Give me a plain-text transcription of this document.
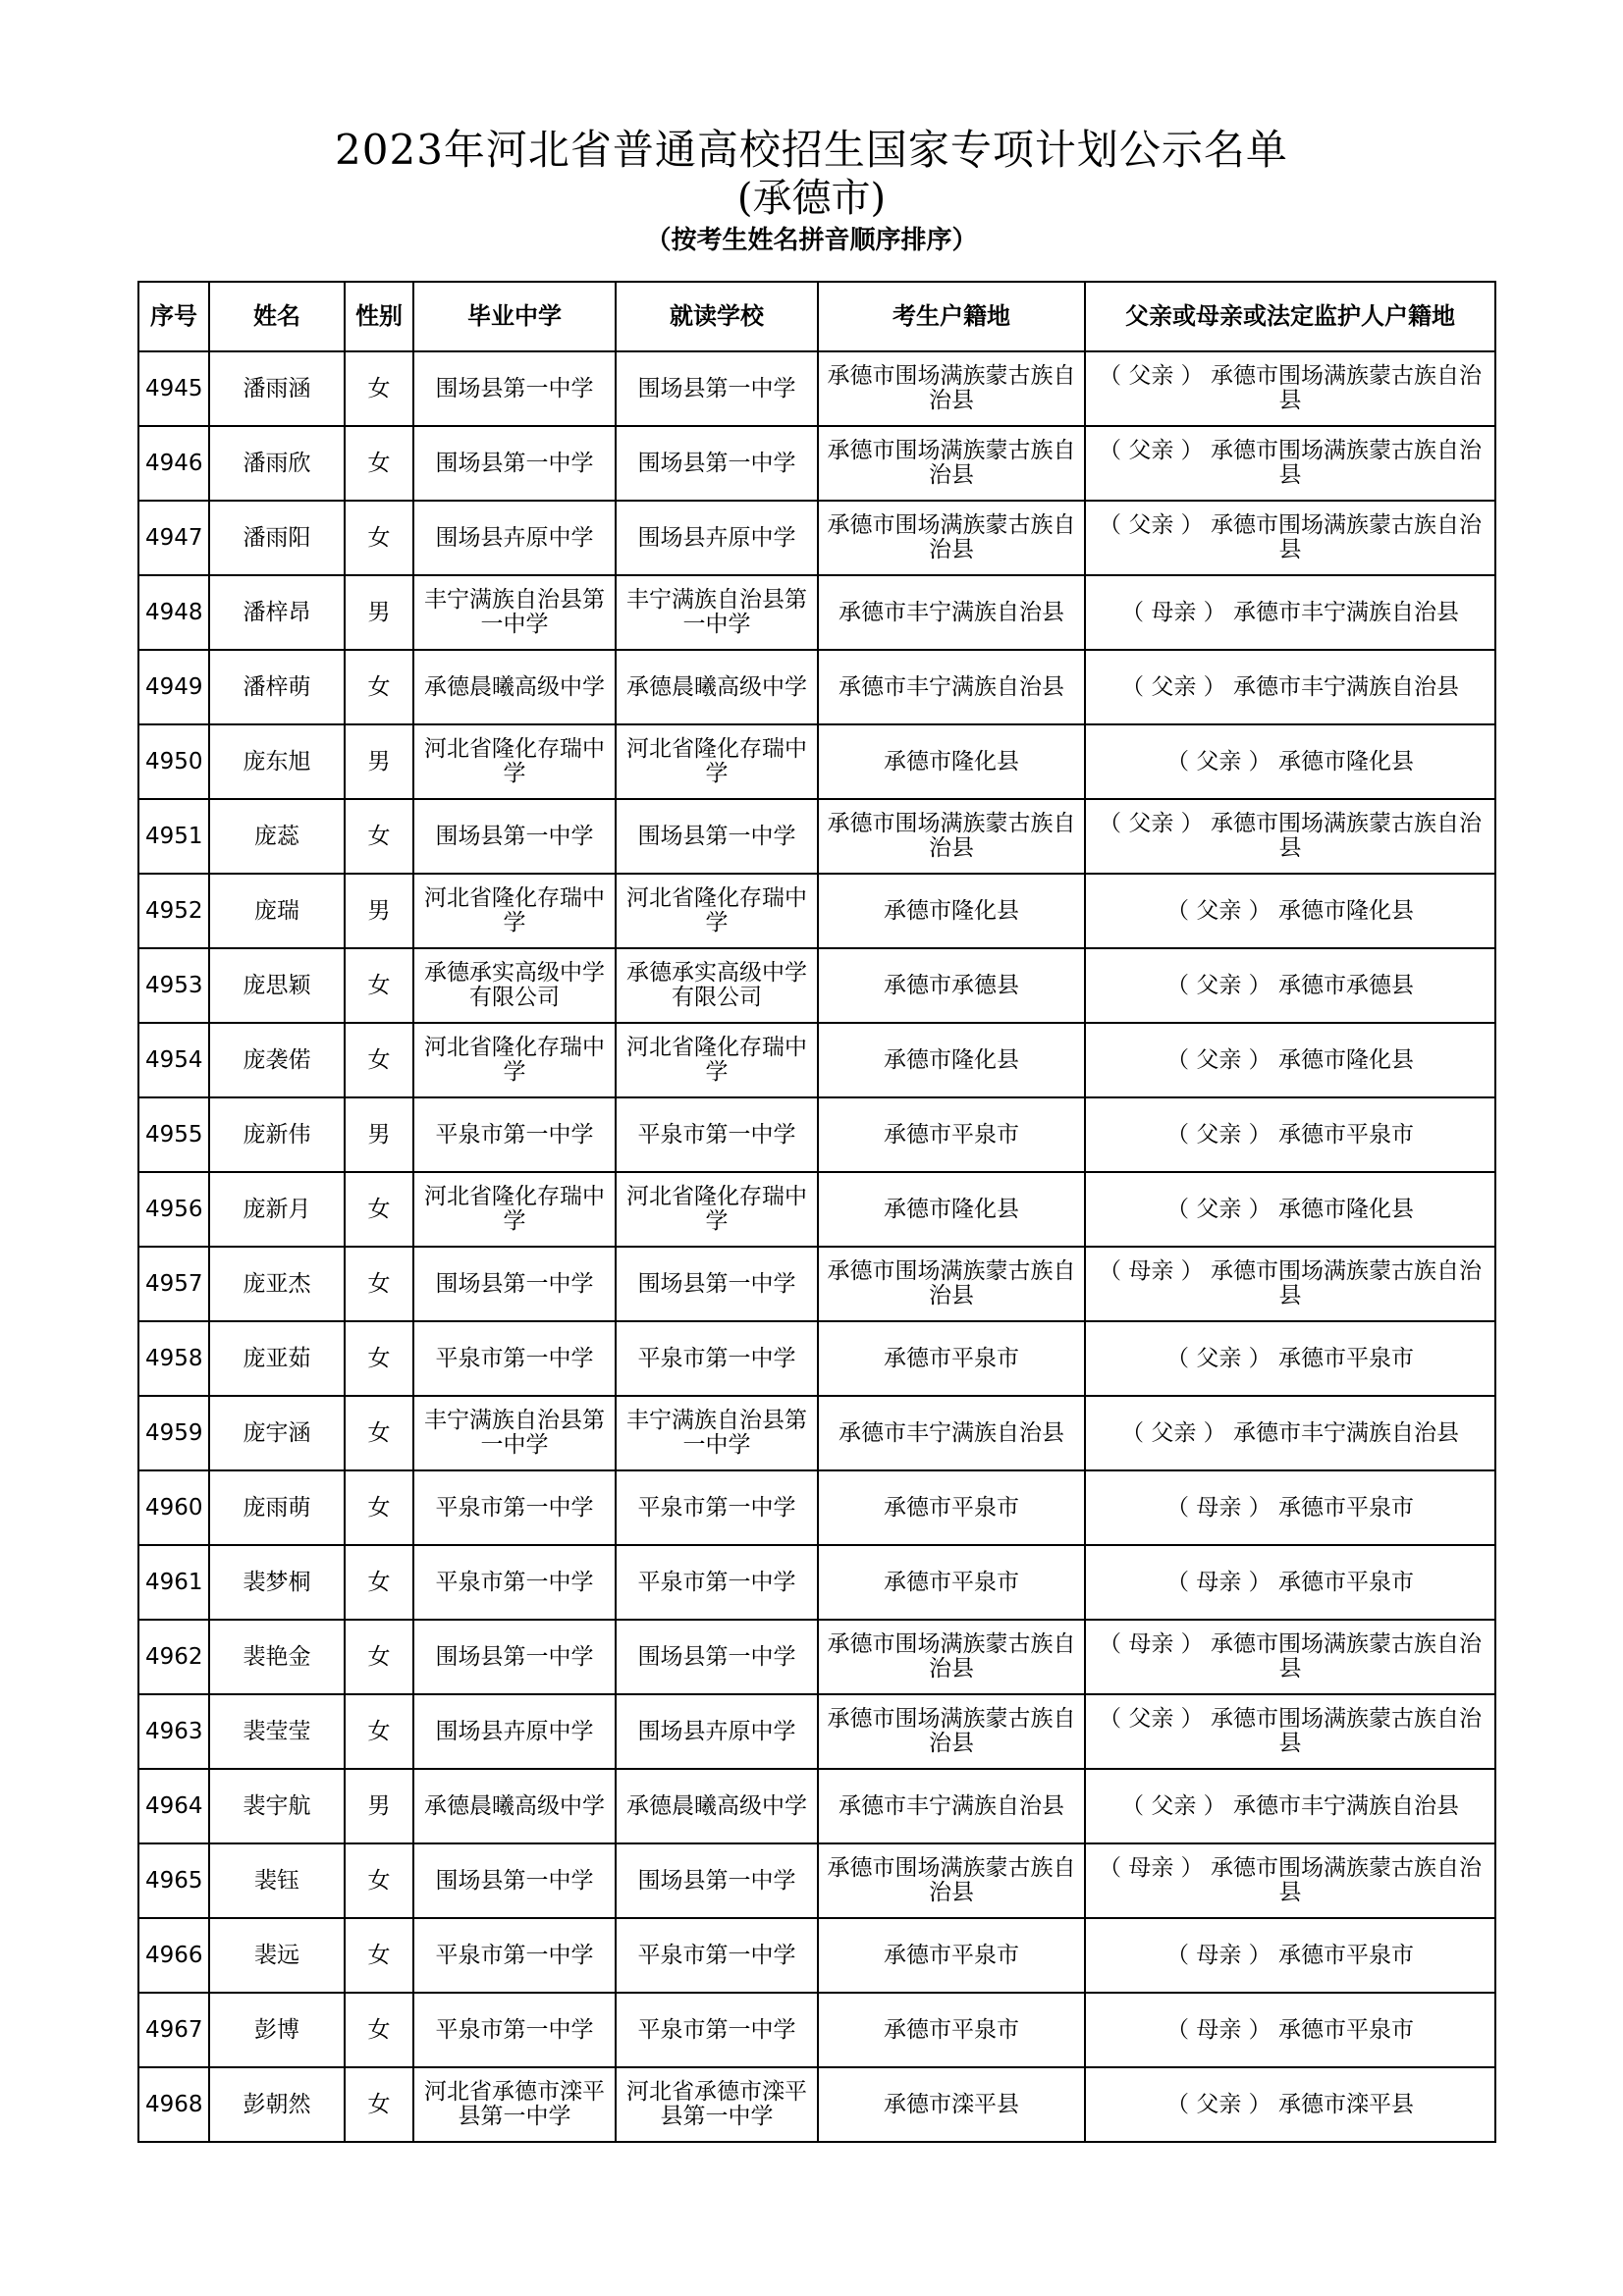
2023年河北省普通高校招生国家专项计划公示名单
(承德市)
（按考生姓名拼音顺序排序）
序号	姓名	性别	毕业中学	就读学校	考生户籍地	父亲或母亲或法定监护人户籍地
4945	潘雨涵	女	围场县第一中学	围场县第一中学	承德市围场满族蒙古族自治县	（ 父亲 ） 承德市围场满族蒙古族自治县
4946	潘雨欣	女	围场县第一中学	围场县第一中学	承德市围场满族蒙古族自治县	（ 父亲 ） 承德市围场满族蒙古族自治县
4947	潘雨阳	女	围场县卉原中学	围场县卉原中学	承德市围场满族蒙古族自治县	（ 父亲 ） 承德市围场满族蒙古族自治县
4948	潘梓昂	男	丰宁满族自治县第一中学	丰宁满族自治县第一中学	承德市丰宁满族自治县	（ 母亲 ） 承德市丰宁满族自治县
4949	潘梓萌	女	承德晨曦高级中学	承德晨曦高级中学	承德市丰宁满族自治县	（ 父亲 ） 承德市丰宁满族自治县
4950	庞东旭	男	河北省隆化存瑞中学	河北省隆化存瑞中学	承德市隆化县	（ 父亲 ） 承德市隆化县
4951	庞蕊	女	围场县第一中学	围场县第一中学	承德市围场满族蒙古族自治县	（ 父亲 ） 承德市围场满族蒙古族自治县
4952	庞瑞	男	河北省隆化存瑞中学	河北省隆化存瑞中学	承德市隆化县	（ 父亲 ） 承德市隆化县
4953	庞思颖	女	承德承实高级中学有限公司	承德承实高级中学有限公司	承德市承德县	（ 父亲 ） 承德市承德县
4954	庞袭偌	女	河北省隆化存瑞中学	河北省隆化存瑞中学	承德市隆化县	（ 父亲 ） 承德市隆化县
4955	庞新伟	男	平泉市第一中学	平泉市第一中学	承德市平泉市	（ 父亲 ） 承德市平泉市
4956	庞新月	女	河北省隆化存瑞中学	河北省隆化存瑞中学	承德市隆化县	（ 父亲 ） 承德市隆化县
4957	庞亚杰	女	围场县第一中学	围场县第一中学	承德市围场满族蒙古族自治县	（ 母亲 ） 承德市围场满族蒙古族自治县
4958	庞亚茹	女	平泉市第一中学	平泉市第一中学	承德市平泉市	（ 父亲 ） 承德市平泉市
4959	庞宇涵	女	丰宁满族自治县第一中学	丰宁满族自治县第一中学	承德市丰宁满族自治县	（ 父亲 ） 承德市丰宁满族自治县
4960	庞雨萌	女	平泉市第一中学	平泉市第一中学	承德市平泉市	（ 母亲 ） 承德市平泉市
4961	裴梦桐	女	平泉市第一中学	平泉市第一中学	承德市平泉市	（ 母亲 ） 承德市平泉市
4962	裴艳金	女	围场县第一中学	围场县第一中学	承德市围场满族蒙古族自治县	（ 母亲 ） 承德市围场满族蒙古族自治县
4963	裴莹莹	女	围场县卉原中学	围场县卉原中学	承德市围场满族蒙古族自治县	（ 父亲 ） 承德市围场满族蒙古族自治县
4964	裴宇航	男	承德晨曦高级中学	承德晨曦高级中学	承德市丰宁满族自治县	（ 父亲 ） 承德市丰宁满族自治县
4965	裴钰	女	围场县第一中学	围场县第一中学	承德市围场满族蒙古族自治县	（ 母亲 ） 承德市围场满族蒙古族自治县
4966	裴远	女	平泉市第一中学	平泉市第一中学	承德市平泉市	（ 母亲 ） 承德市平泉市
4967	彭博	女	平泉市第一中学	平泉市第一中学	承德市平泉市	（ 母亲 ） 承德市平泉市
4968	彭朝然	女	河北省承德市滦平县第一中学	河北省承德市滦平县第一中学	承德市滦平县	（ 父亲 ） 承德市滦平县
